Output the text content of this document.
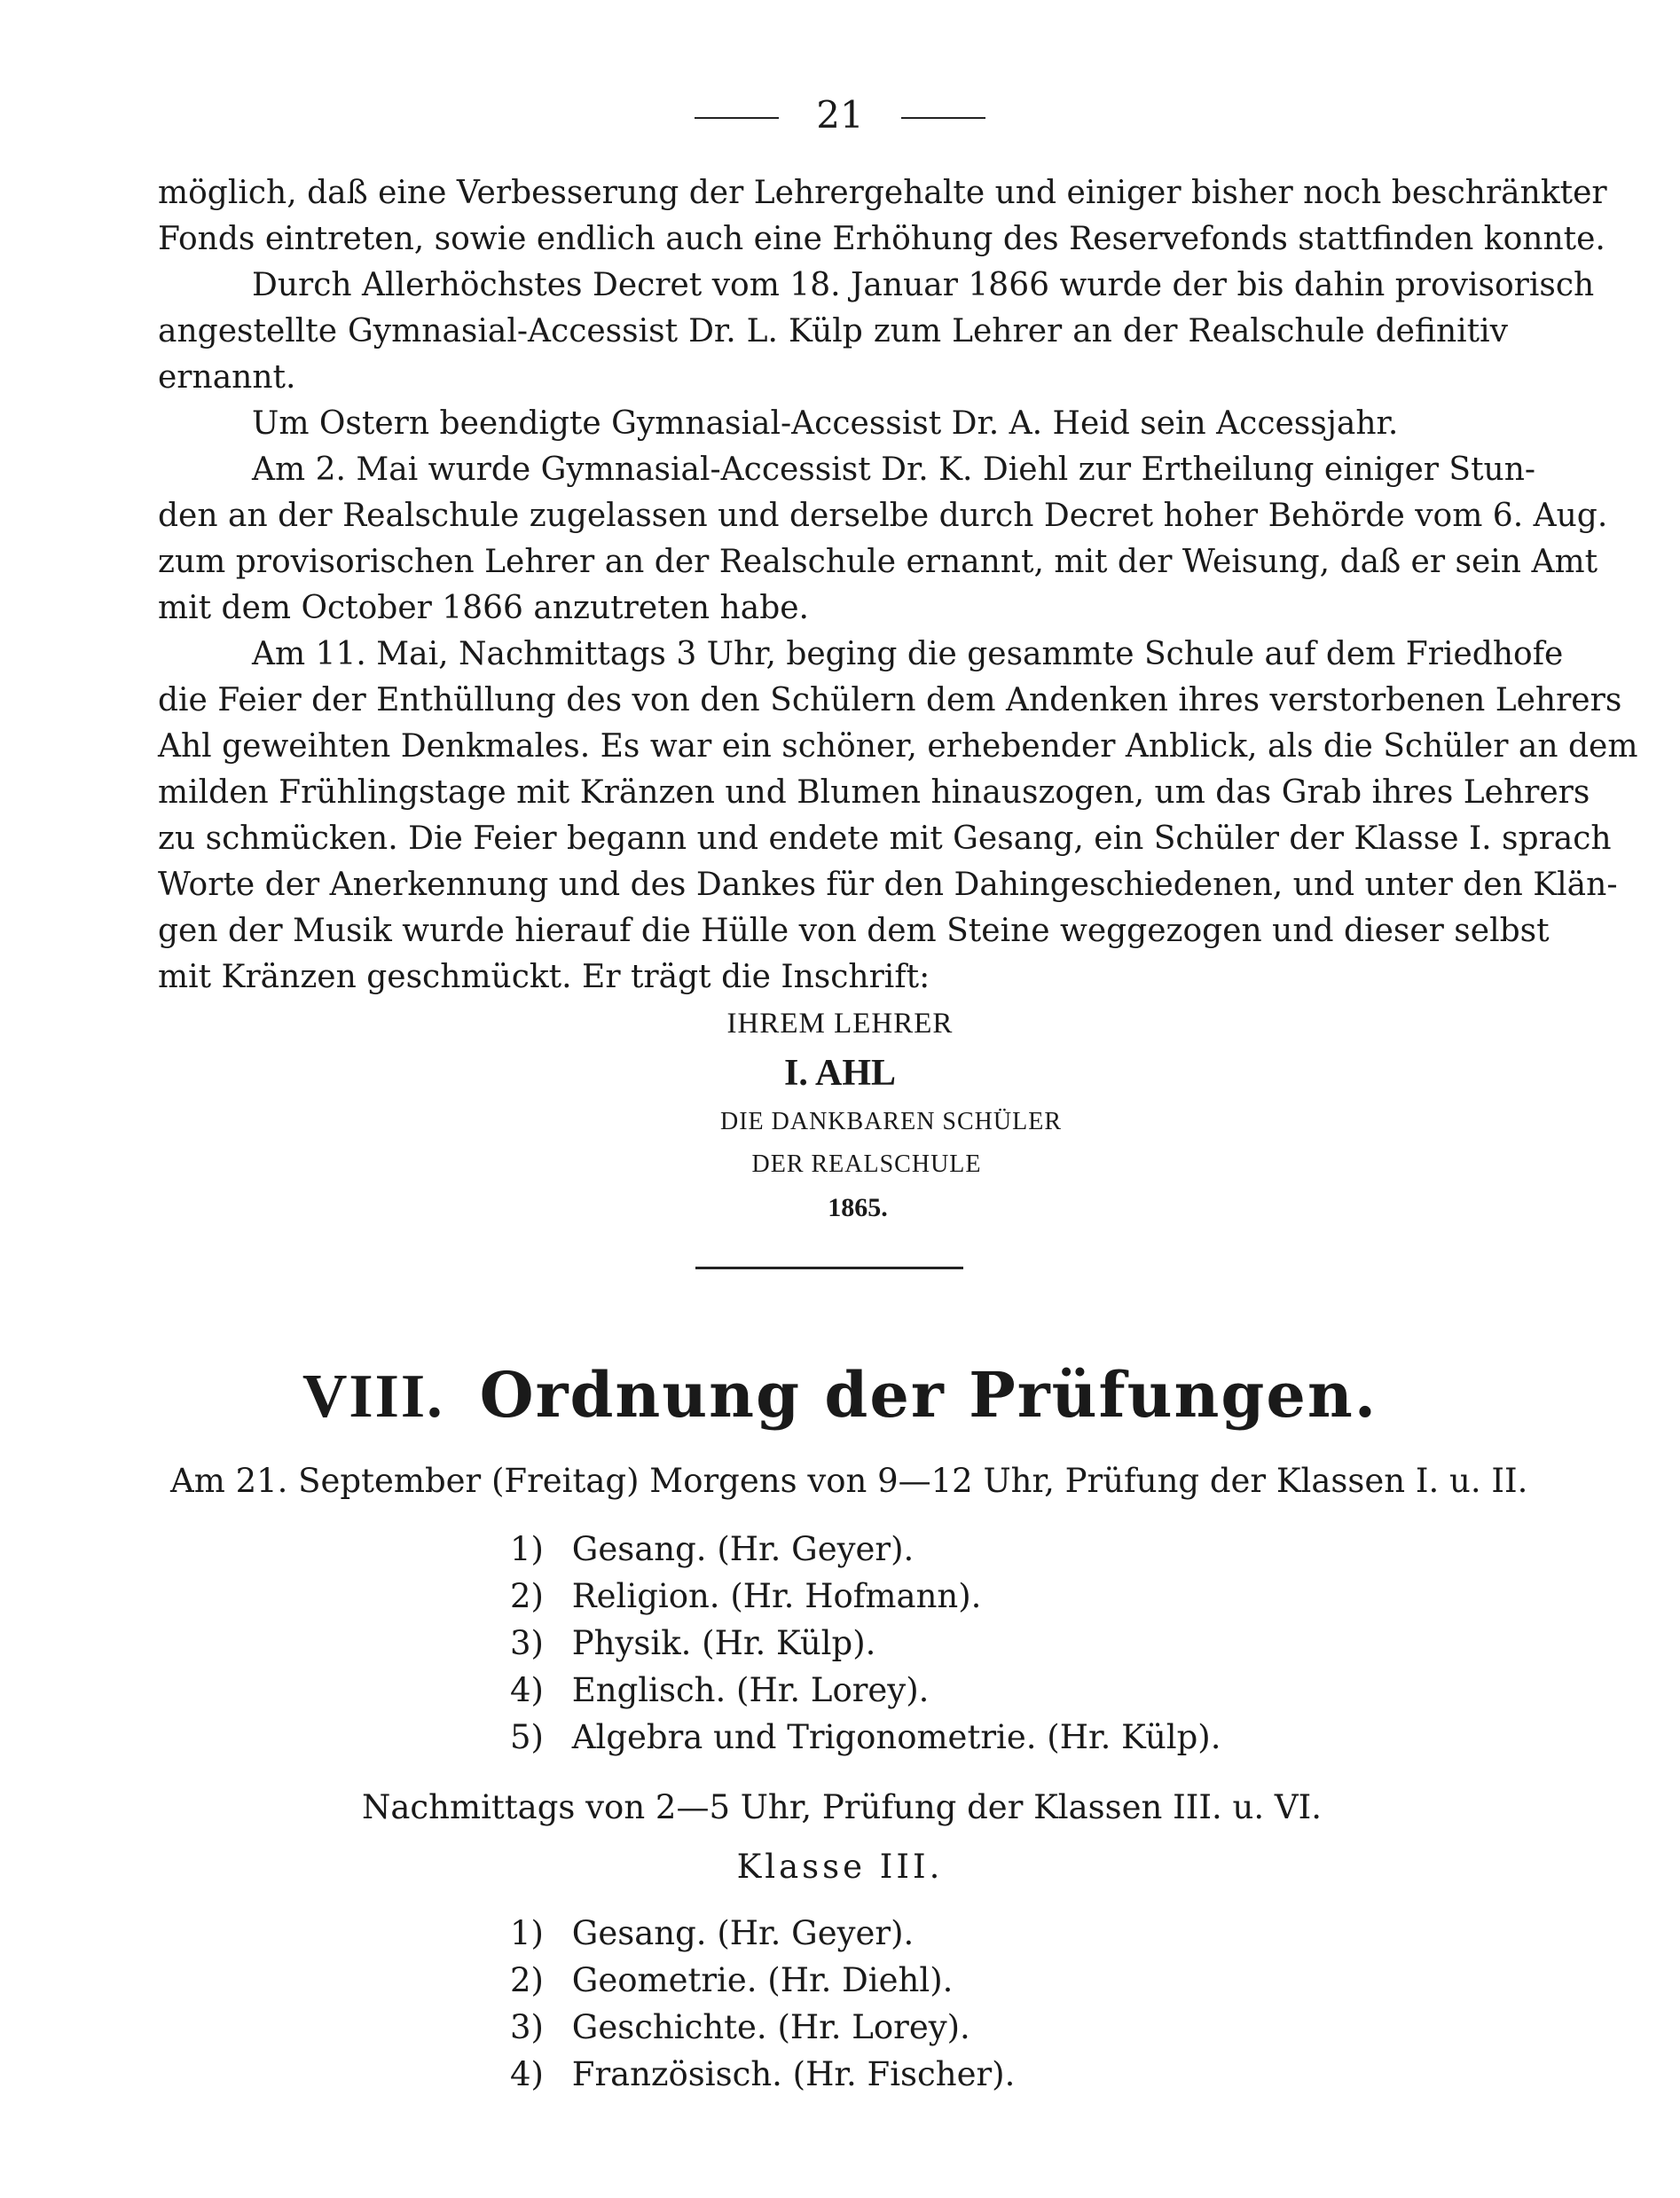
21
möglich, daß eine Verbesserung der Lehrergehalte und einiger bisher noch beschränkter
Fonds eintreten, sowie endlich auch eine Erhöhung des Reservefonds stattfinden konnte.
Durch Allerhöchstes Decret vom 18. Januar 1866 wurde der bis dahin provisorisch
angestellte Gymnasial-Accessist Dr. L. Külp zum Lehrer an der Realschule definitiv
ernannt.
Um Ostern beendigte Gymnasial-Accessist Dr. A. Heid sein Accessjahr.
Am 2. Mai wurde Gymnasial-Accessist Dr. K. Diehl zur Ertheilung einiger Stun-
den an der Realschule zugelassen und derselbe durch Decret hoher Behörde vom 6. Aug.
zum provisorischen Lehrer an der Realschule ernannt, mit der Weisung, daß er sein Amt
mit dem October 1866 anzutreten habe.
Am 11. Mai, Nachmittags 3 Uhr, beging die gesammte Schule auf dem Friedhofe
die Feier der Enthüllung des von den Schülern dem Andenken ihres verstorbenen Lehrers
Ahl geweihten Denkmales. Es war ein schöner, erhebender Anblick, als die Schüler an dem
milden Frühlingstage mit Kränzen und Blumen hinauszogen, um das Grab ihres Lehrers
zu schmücken. Die Feier begann und endete mit Gesang, ein Schüler der Klasse I. sprach
Worte der Anerkennung und des Dankes für den Dahingeschiedenen, und unter den Klän-
gen der Musik wurde hierauf die Hülle von dem Steine weggezogen und dieser selbst
mit Kränzen geschmückt. Er trägt die Inschrift:
IHREM LEHRER
I. AHL
DIE DANKBAREN SCHÜLER
DER REALSCHULE
1865.
VIII. Ordnung der Prüfungen.
Am 21. September (Freitag) Morgens von 9—12 Uhr, Prüfung der Klassen I. u. II.
1) Gesang. (Hr. Geyer).
2) Religion. (Hr. Hofmann).
3) Physik. (Hr. Külp).
4) Englisch. (Hr. Lorey).
5) Algebra und Trigonometrie. (Hr. Külp).
Nachmittags von 2—5 Uhr, Prüfung der Klassen III. u. VI.
Klasse III.
1) Gesang. (Hr. Geyer).
2) Geometrie. (Hr. Diehl).
3) Geschichte. (Hr. Lorey).
4) Französisch. (Hr. Fischer).
